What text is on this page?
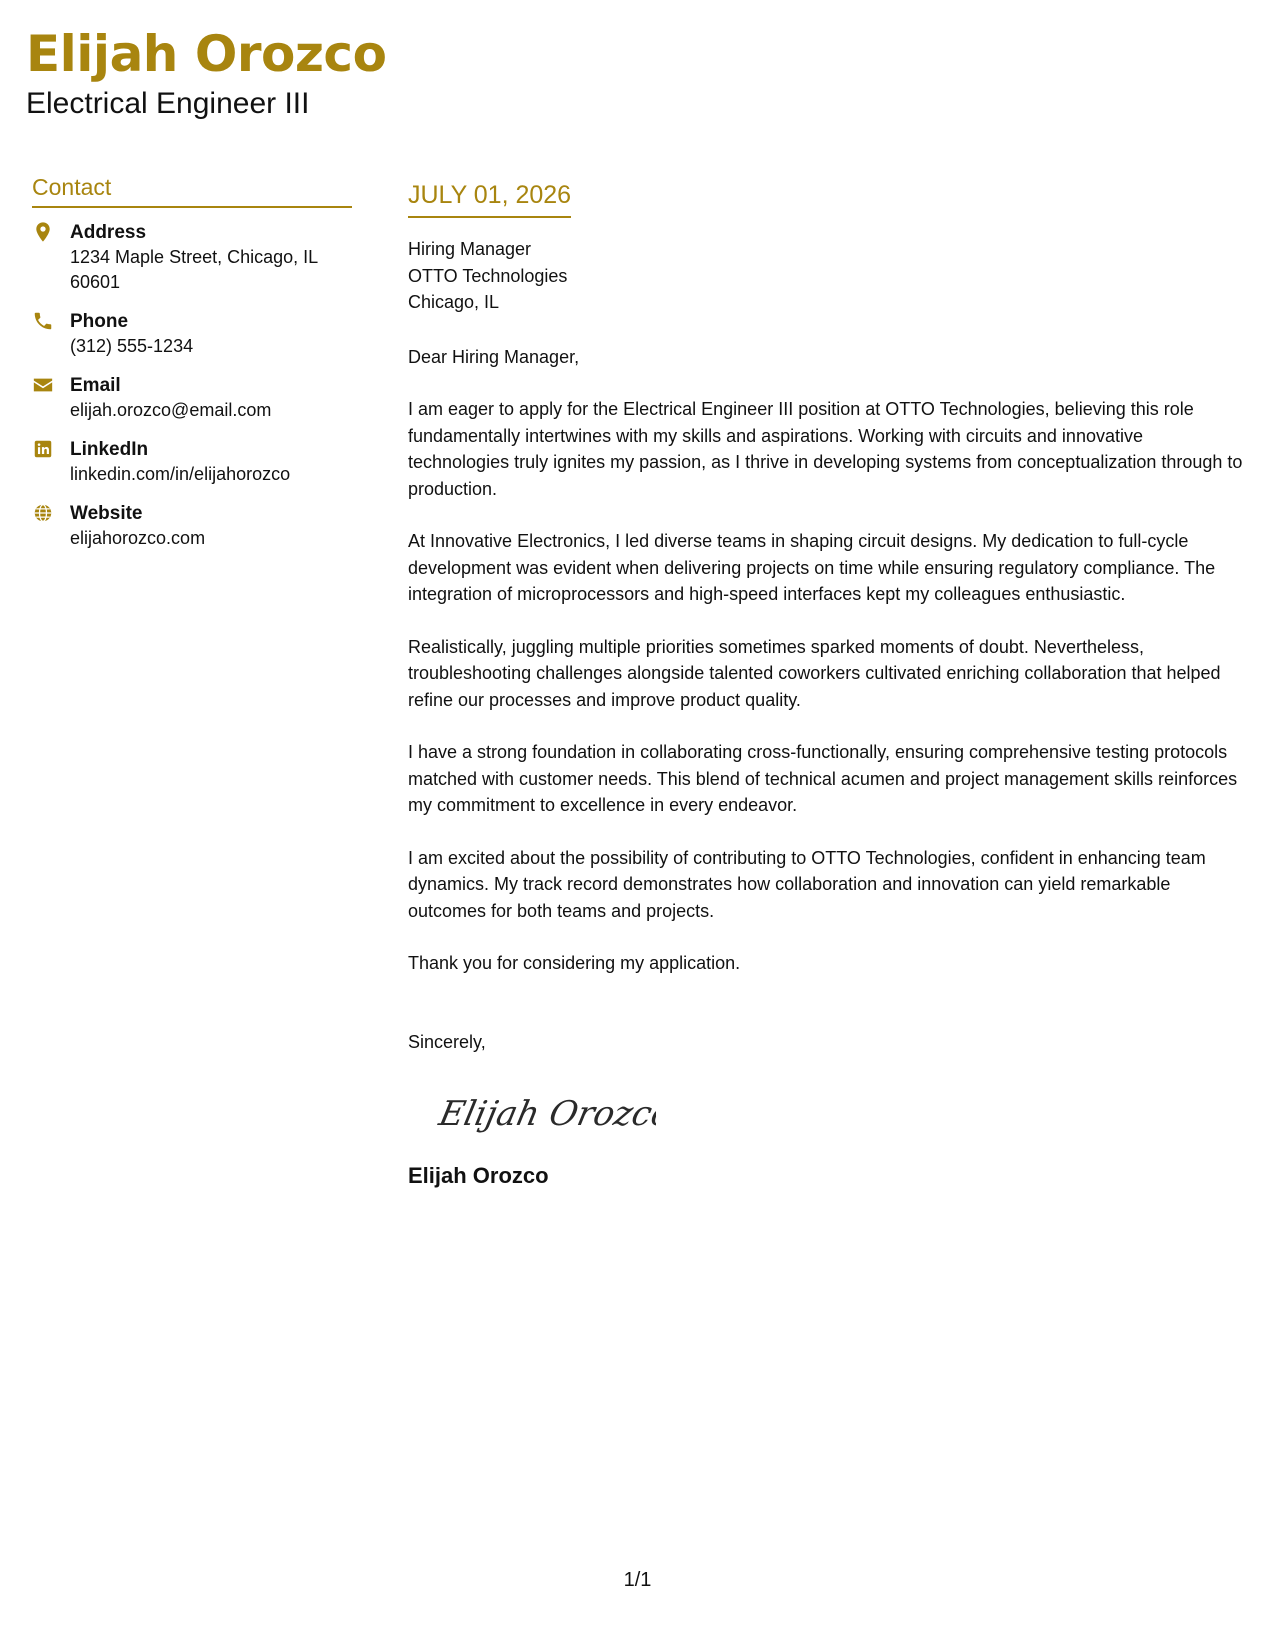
Elijah Orozco
Electrical Engineer III
Contact
Address
1234 Maple Street, Chicago, IL
60601
Phone
(312) 555-1234
Email
elijah.orozco@email.com
LinkedIn
linkedin.com/in/elijahorozco
Website
elijahorozco.com
JULY 01, 2026
Hiring Manager
OTTO Technologies
Chicago, IL
Dear Hiring Manager,
I am eager to apply for the Electrical Engineer III position at OTTO Technologies, believing this role fundamentally intertwines with my skills and aspirations. Working with circuits and innovative technologies truly ignites my passion, as I thrive in developing systems from conceptualization through to production.
At Innovative Electronics, I led diverse teams in shaping circuit designs. My dedication to full-cycle development was evident when delivering projects on time while ensuring regulatory compliance. The integration of microprocessors and high-speed interfaces kept my colleagues enthusiastic.
Realistically, juggling multiple priorities sometimes sparked moments of doubt. Nevertheless, troubleshooting challenges alongside talented coworkers cultivated enriching collaboration that helped refine our processes and improve product quality.
I have a strong foundation in collaborating cross-functionally, ensuring comprehensive testing protocols matched with customer needs. This blend of technical acumen and project management skills reinforces my commitment to excellence in every endeavor.
I am excited about the possibility of contributing to OTTO Technologies, confident in enhancing team dynamics. My track record demonstrates how collaboration and innovation can yield remarkable outcomes for both teams and projects.
Thank you for considering my application.
Sincerely,
Elijah Orozco
Elijah Orozco
1/1
